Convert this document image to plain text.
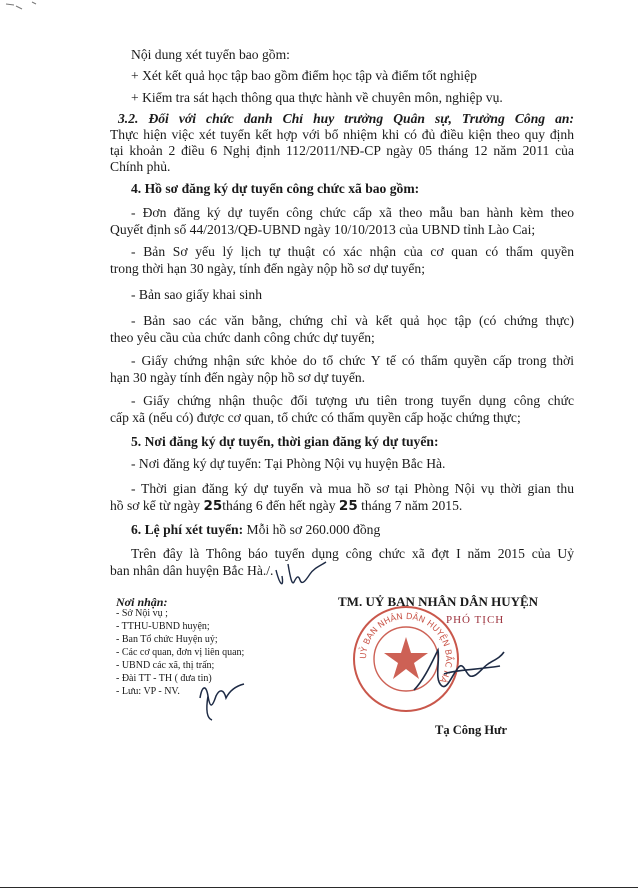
Nội dung xét tuyển bao gồm:
+ Xét kết quả học tập bao gồm điểm học tập và điểm tốt nghiệp
+ Kiểm tra sát hạch thông qua thực hành về chuyên môn, nghiệp vụ.
3.2. Đối với chức danh Chỉ huy trưởng Quân sự, Trưởng Công an:
Thực hiện việc xét tuyển kết hợp với bổ nhiệm khi có đủ điều kiện theo quy định
tại khoản 2 điều 6 Nghị định 112/2011/NĐ-CP ngày 05 tháng 12 năm 2011 của
Chính phủ.
4. Hồ sơ đăng ký dự tuyển công chức xã bao gồm:
- Đơn đăng ký dự tuyển công chức cấp xã theo mẫu ban hành kèm theo
Quyết định số 44/2013/QĐ-UBND ngày 10/10/2013 của UBND tỉnh Lào Cai;
- Bản Sơ yếu lý lịch tự thuật có xác nhận của cơ quan có thẩm quyền
trong thời hạn 30 ngày, tính đến ngày nộp hồ sơ dự tuyển;
- Bản sao giấy khai sinh
- Bản sao các văn bằng, chứng chỉ và kết quả học tập (có chứng thực)
theo yêu cầu của chức danh công chức dự tuyển;
- Giấy chứng nhận sức khỏe do tổ chức Y tế có thẩm quyền cấp trong thời
hạn 30 ngày tính đến ngày nộp hồ sơ dự tuyển.
- Giấy chứng nhận thuộc đối tượng ưu tiên trong tuyển dụng công chức
cấp xã (nếu có) được cơ quan, tổ chức có thẩm quyền cấp hoặc chứng thực;
5. Nơi đăng ký dự tuyển, thời gian đăng ký dự tuyển:
- Nơi đăng ký dự tuyển: Tại Phòng Nội vụ huyện Bắc Hà.
- Thời gian đăng ký dự tuyển và mua hồ sơ tại Phòng Nội vụ thời gian thu
hồ sơ kể từ ngày 25tháng 6 đến hết ngày 25 tháng 7 năm 2015.
6. Lệ phí xét tuyển: Mỗi hồ sơ 260.000 đồng
Trên đây là Thông báo tuyển dụng công chức xã đợt I năm 2015 của Uỷ
ban nhân dân huyện Bắc Hà./.
Nơi nhận:
- Sở Nội vụ ;
- TTHU-UBND huyện;
- Ban Tổ chức Huyện uỷ;
- Các cơ quan, đơn vị liên quan;
- UBND các xã, thị trấn;
- Đài TT - TH ( đưa tin)
- Lưu: VP - NV.
TM. UỶ BAN NHÂN DÂN HUYỆN
UỶ BAN NHÂN DÂN HUYỆN BẮC HÀ
PHÓ TỊCH
Tạ Công Hưr
